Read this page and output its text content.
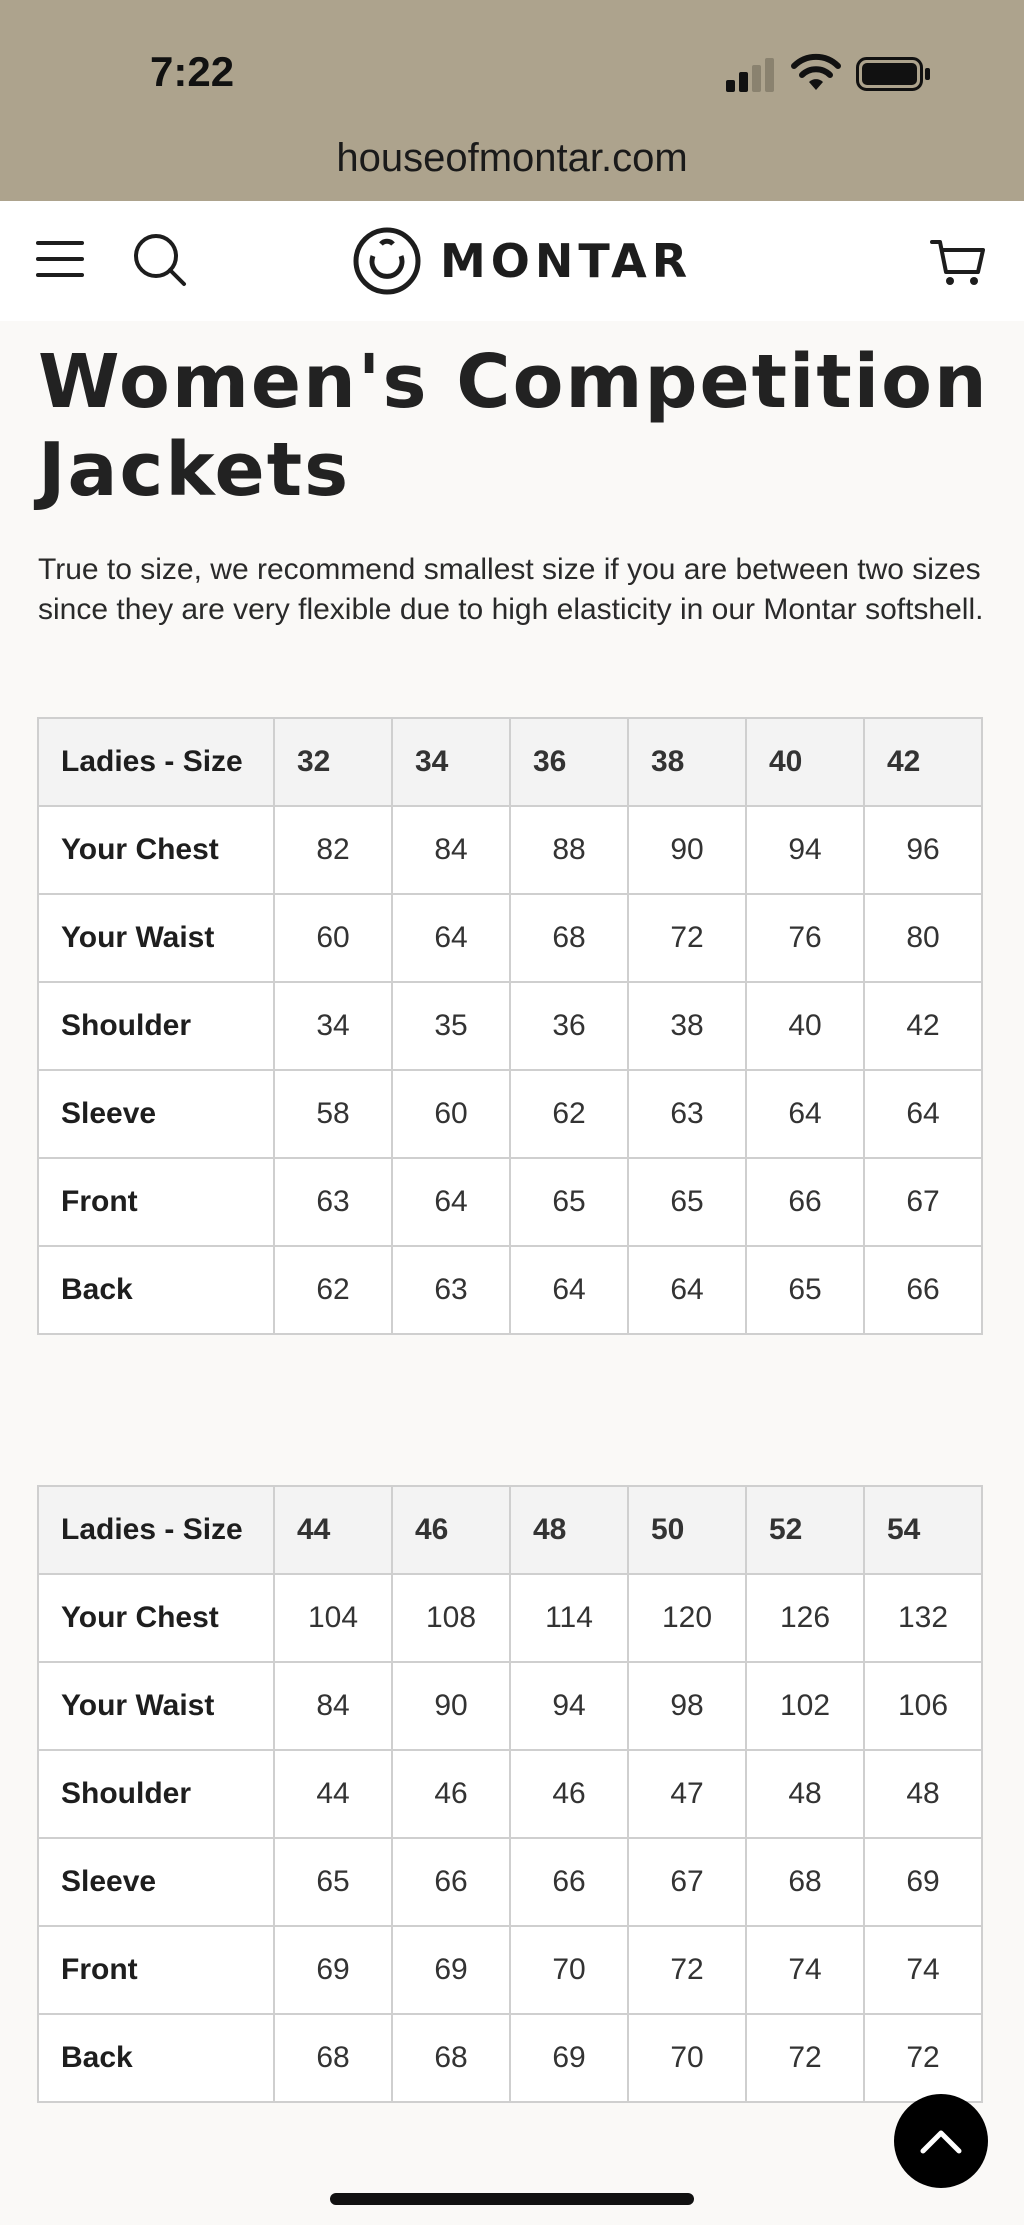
7:22
houseofmontar.com
MONTAR
Women's Competition Jackets

True to size, we recommend smallest size if you are between two sizes since they are very flexible due to high elasticity in our Montar softshell.

Ladies - Size	32	34	36	38	40	42
Your Chest	82	84	88	90	94	96
Your Waist	60	64	68	72	76	80
Shoulder	34	35	36	38	40	42
Sleeve	58	60	62	63	64	64
Front	63	64	65	65	66	67
Back	62	63	64	64	65	66
Ladies - Size	44	46	48	50	52	54
Your Chest	104	108	114	120	126	132
Your Waist	84	90	94	98	102	106
Shoulder	44	46	46	47	48	48
Sleeve	65	66	66	67	68	69
Front	69	69	70	72	74	74
Back	68	68	69	70	72	72
